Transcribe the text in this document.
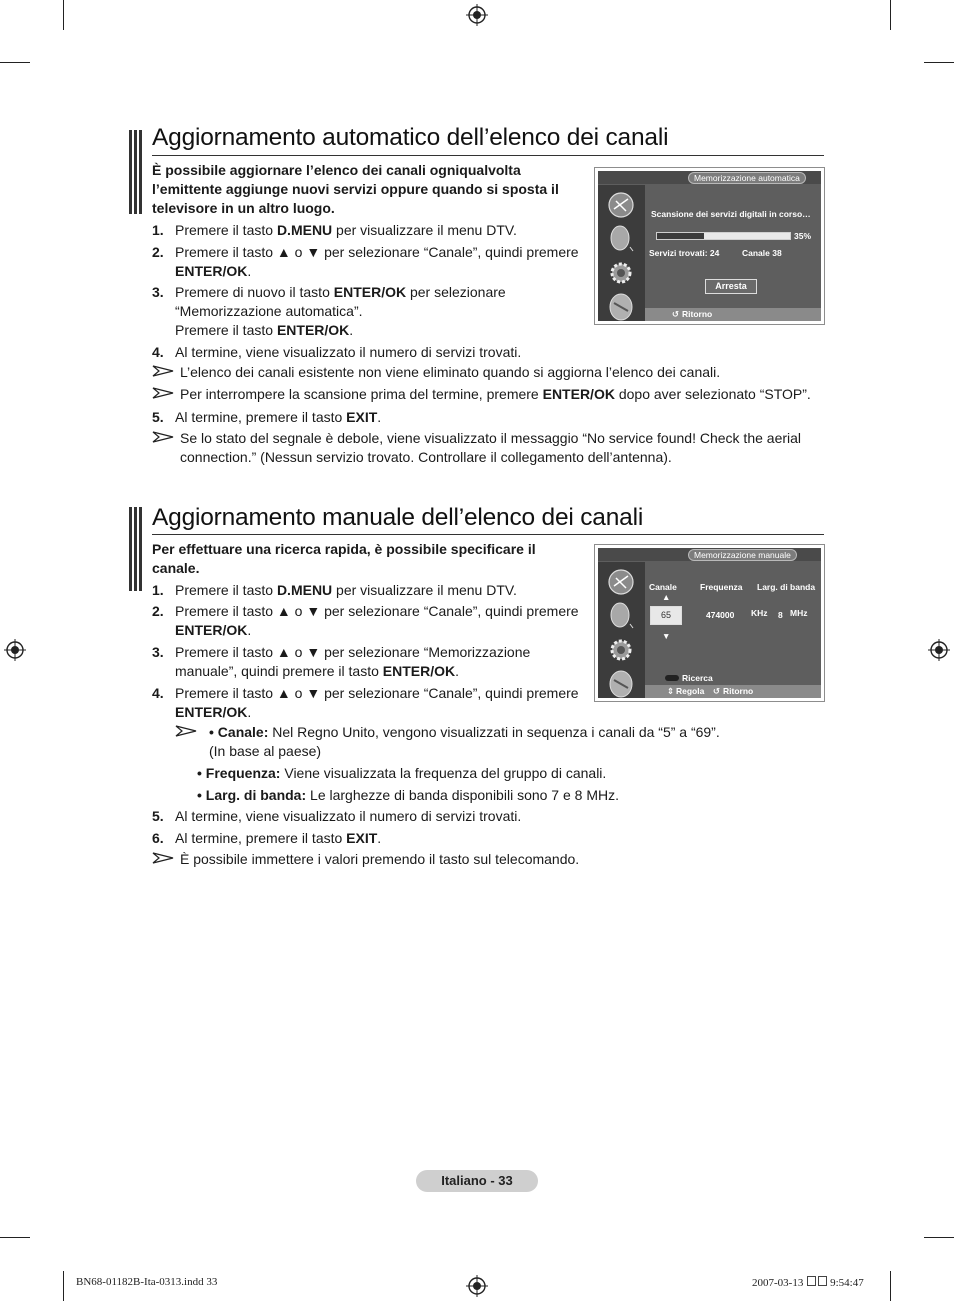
Aggiornamento automatico dell’elenco dei canali
È possibile aggiornare l’elenco dei canali ogniqualvolta
l’emittente aggiunge nuovi servizi oppure quando si sposta il
televisore in un altro luogo.
1. Premere il tasto D.MENU per visualizzare il menu DTV.
2. Premere il tasto ▲ o ▼ per selezionare “Canale”, quindi premere
ENTER/OK.
3. Premere di nuovo il tasto ENTER/OK per selezionare
“Memorizzazione automatica”.
Premere il tasto ENTER/OK.
4. Al termine, viene visualizzato il numero di servizi trovati.
L’elenco dei canali esistente non viene eliminato quando si aggiorna l’elenco dei canali.
Per interrompere la scansione prima del termine, premere ENTER/OK dopo aver selezionato “STOP”.
5. Al termine, premere il tasto EXIT.
Se lo stato del segnale è debole, viene visualizzato il messaggio “No service found! Check the aerial
connection.” (Nessun servizio trovato. Controllare il collegamento dell’antenna).
Memorizzazione automatica
Scansione dei servizi digitali in corso…
35%
Servizi trovati: 24	Canale 38
Arresta
↺ Ritorno
Aggiornamento manuale dell’elenco dei canali
Per effettuare una ricerca rapida, è possibile specificare il
canale.
1. Premere il tasto D.MENU per visualizzare il menu DTV.
2. Premere il tasto ▲ o ▼ per selezionare “Canale”, quindi premere
ENTER/OK.
3. Premere il tasto ▲ o ▼ per selezionare “Memorizzazione
manuale”, quindi premere il tasto ENTER/OK.
4. Premere il tasto ▲ o ▼ per selezionare “Canale”, quindi premere
ENTER/OK.
• Canale: Nel Regno Unito, vengono visualizzati in sequenza i canali da “5” a “69”.
(In base al paese)
• Frequenza: Viene visualizzata la frequenza del gruppo di canali.
• Larg. di banda: Le larghezze di banda disponibili sono 7 e 8 MHz.
5. Al termine, viene visualizzato il numero di servizi trovati.
6. Al termine, premere il tasto EXIT.
È possibile immettere i valori premendo il tasto sul telecomando.
Memorizzazione manuale
Canale	Frequenza Larg. di banda
▲
65
▼
474000 KHz 8 MHz
Ricerca
⇕ Regola ↺ Ritorno
Italiano - 33
BN68-01182B-Ita-0313.indd 33	2007-03-13 9:54:47
